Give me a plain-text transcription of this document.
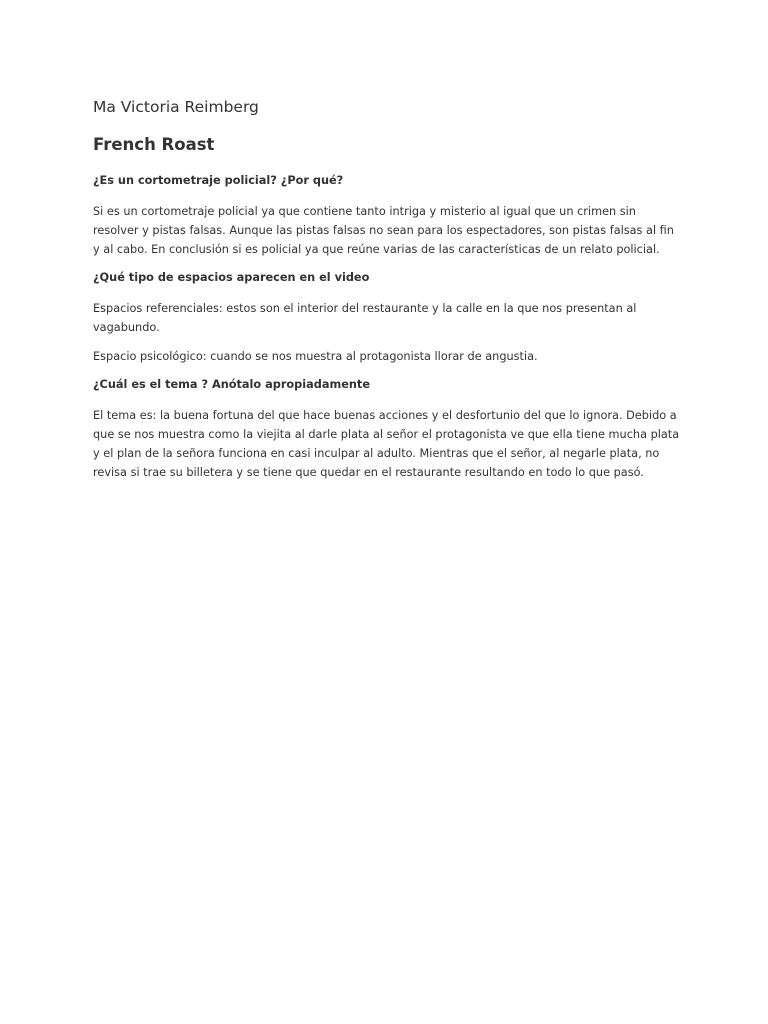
Ma Victoria Reimberg
French Roast
¿Es un cortometraje policial? ¿Por qué?

Si es un cortometraje policial ya que contiene tanto intriga y misterio al igual que un crimen sin resolver y pistas falsas. Aunque las pistas falsas no sean para los espectadores, son pistas falsas al fin y al cabo. En conclusión si es policial ya que reúne varias de las características de un relato policial.

¿Qué tipo de espacios aparecen en el video

Espacios referenciales: estos son el interior del restaurante y la calle en la que nos presentan al vagabundo.

Espacio psicológico: cuando se nos muestra al protagonista llorar de angustia.

¿Cuál es el tema ? Anótalo apropiadamente

El tema es: la buena fortuna del que hace buenas acciones y el desfortunio del que lo ignora. Debido a que se nos muestra como la viejita al darle plata al señor el protagonista ve que ella tiene mucha plata y el plan de la señora funciona en casi inculpar al adulto. Mientras que el señor, al negarle plata, no revisa si trae su billetera y se tiene que quedar en el restaurante resultando en todo lo que pasó.
